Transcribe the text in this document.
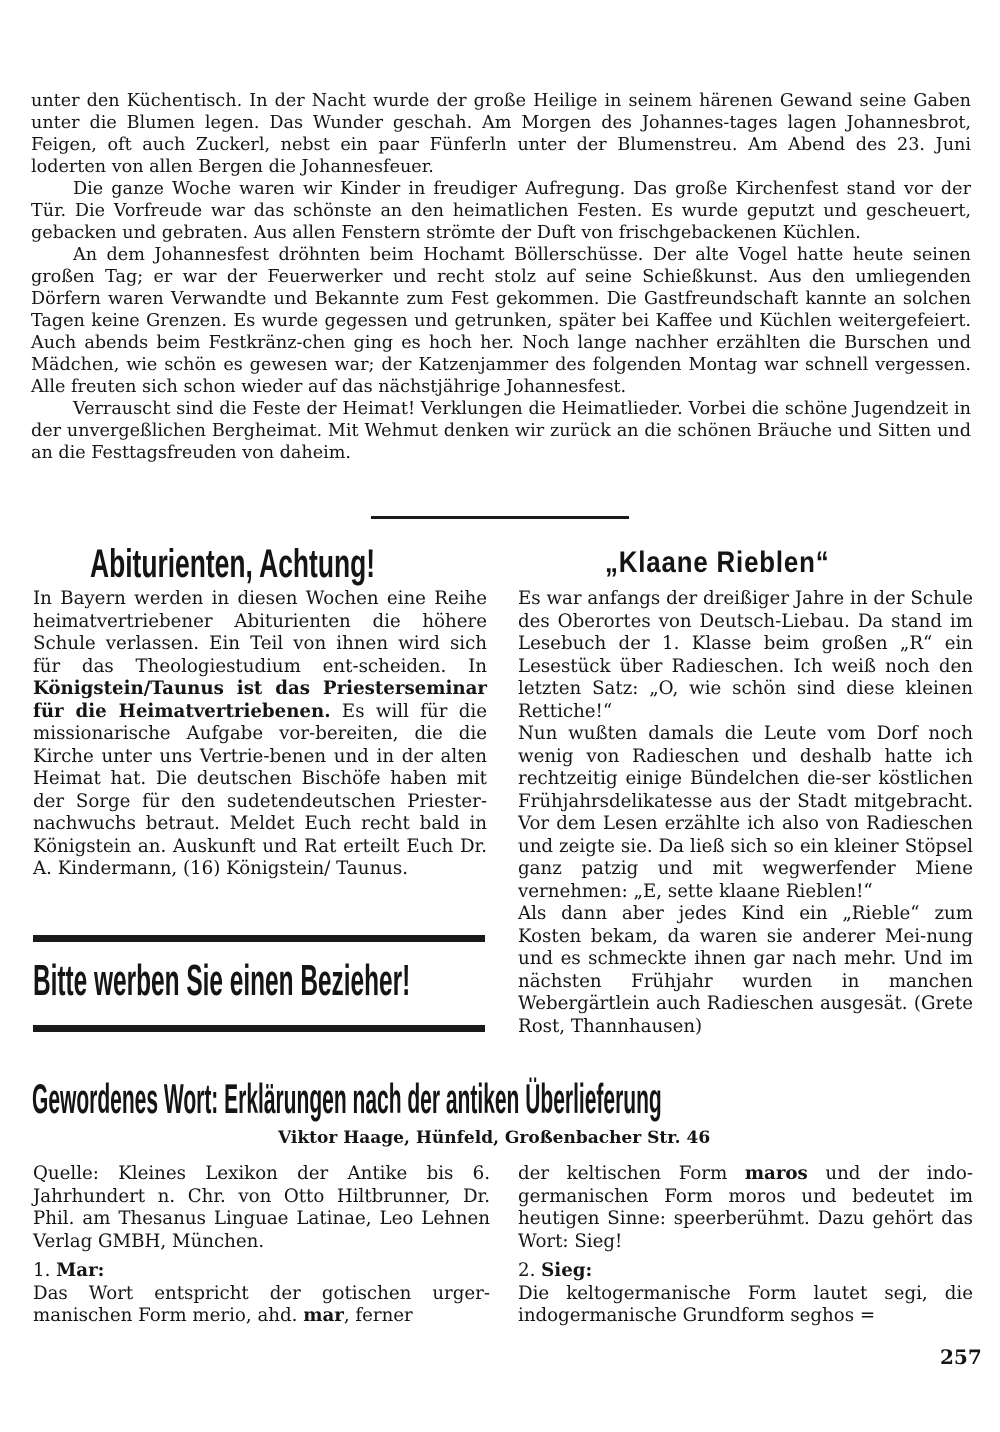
unter den Küchentisch. In der Nacht wurde der große Heilige in seinem härenen Gewand seine Gaben unter die Blumen legen. Das Wunder geschah. Am Morgen des Johannes-tages lagen Johannesbrot, Feigen, oft auch Zuckerl, nebst ein paar Fünferln unter der Blumenstreu. Am Abend des 23. Juni loderten von allen Bergen die Johannesfeuer.

Die ganze Woche waren wir Kinder in freudiger Aufregung. Das große Kirchenfest stand vor der Tür. Die Vorfreude war das schönste an den heimatlichen Festen. Es wurde geputzt und gescheuert, gebacken und gebraten. Aus allen Fenstern strömte der Duft von frischgebackenen Küchlen.

An dem Johannesfest dröhnten beim Hochamt Böllerschüsse. Der alte Vogel hatte heute seinen großen Tag; er war der Feuerwerker und recht stolz auf seine Schießkunst. Aus den umliegenden Dörfern waren Verwandte und Bekannte zum Fest gekommen. Die Gastfreundschaft kannte an solchen Tagen keine Grenzen. Es wurde gegessen und getrunken, später bei Kaffee und Küchlen weitergefeiert. Auch abends beim Festkränz-chen ging es hoch her. Noch lange nachher erzählten die Burschen und Mädchen, wie schön es gewesen war; der Katzenjammer des folgenden Montag war schnell vergessen. Alle freuten sich schon wieder auf das nächstjährige Johannesfest.

Verrauscht sind die Feste der Heimat! Verklungen die Heimatlieder. Vorbei die schöne Jugendzeit in der unvergeßlichen Bergheimat. Mit Wehmut denken wir zurück an die schönen Bräuche und Sitten und an die Festtagsfreuden von daheim.

Abiturienten, Achtung!

In Bayern werden in diesen Wochen eine Reihe heimatvertriebener Abiturienten die höhere Schule verlassen. Ein Teil von ihnen wird sich für das Theologiestudium ent-scheiden. In Königstein/Taunus ist das Priesterseminar für die Heimatvertriebenen. Es will für die missionarische Aufgabe vor-bereiten, die die Kirche unter uns Vertrie-benen und in der alten Heimat hat. Die deutschen Bischöfe haben mit der Sorge für den sudetendeutschen Priester-nachwuchs betraut. Meldet Euch recht bald in Königstein an. Auskunft und Rat erteilt Euch Dr. A. Kindermann, (16) Königstein/ Taunus.

Bitte werben Sie einen Bezieher!
„Klaane Rieblen“

Es war anfangs der dreißiger Jahre in der Schule des Oberortes von Deutsch-Liebau. Da stand im Lesebuch der 1. Klasse beim großen „R“ ein Lesestück über Radieschen. Ich weiß noch den letzten Satz: „O, wie schön sind diese kleinen Rettiche!“

Nun wußten damals die Leute vom Dorf noch wenig von Radieschen und deshalb hatte ich rechtzeitig einige Bündelchen die-ser köstlichen Frühjahrsdelikatesse aus der Stadt mitgebracht. Vor dem Lesen erzählte ich also von Radieschen und zeigte sie. Da ließ sich so ein kleiner Stöpsel ganz patzig und mit wegwerfender Miene vernehmen: „E, sette klaane Rieblen!“

Als dann aber jedes Kind ein „Rieble“ zum Kosten bekam, da waren sie anderer Mei-nung und es schmeckte ihnen gar nach mehr. Und im nächsten Frühjahr wurden in manchen Webergärtlein auch Radieschen ausgesät. (Grete Rost, Thannhausen)

Gewordenes Wort: Erklärungen nach der antiken Überlieferung
Viktor Haage, Hünfeld, Großenbacher Str. 46

Quelle: Kleines Lexikon der Antike bis 6. Jahrhundert n. Chr. von Otto Hiltbrunner, Dr. Phil. am Thesanus Linguae Latinae, Leo Lehnen Verlag GMBH, München.

1. Mar:

Das Wort entspricht der gotischen urger-manischen Form merio, ahd. mar, ferner

der keltischen Form maros und der indo-germanischen Form moros und bedeutet im heutigen Sinne: speerberühmt. Dazu gehört das Wort: Sieg!

2. Sieg:

Die keltogermanische Form lautet segi, die indogermanische Grundform seghos =

257
